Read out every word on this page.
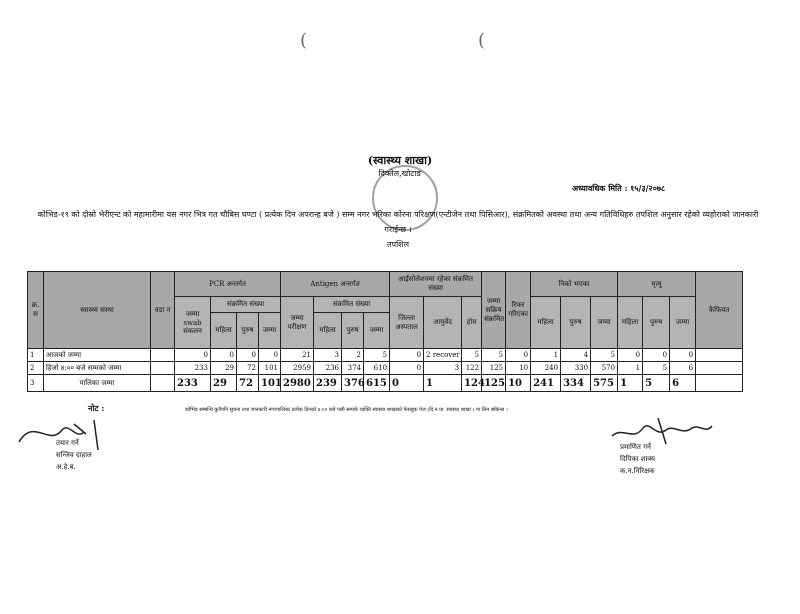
(	(
(स्वास्थ्य शाखा)
दिक्तेल,खोटाङ
अध्यावधिक मिति : १५/३/२०७८
कोभिड-१९ को दोस्रो भेरीएन्ट को महामारीमा यस नगर भित्र गत चौबिस घण्टा ( प्रत्येक दिन अपरान्ह बजे ) सम्म नगर भरिका कोरना परिक्षण(एन्टीजेन तथा पिसिआर), संक्रमितको अवस्था तथा अन्य गतिविधिहरु तपशिल अनुसार रहेको व्यहोराको जानकारी गराईन्छ ।
तपशिल
क्र. स	स्वास्थ्य संस्था	वडा न	PCR अन्तर्गत				Antigen अन्तर्गत				आईसोलेशनमा रहेका संक्रमित संख्या			जम्मा सक्रिय संक्रमित	रिफर गरिएका	निको भएका			मृत्यु			कैफियत
			जम्मा swab संकलन	संक्रमित संख्या			जम्मा परीक्षण	संक्रमित संख्या			जिल्ला अस्पताल	आयुर्वेद	होम			महिला	पुरुष	जम्मा	महिला	पुरुष	जम्मा	
				महिला	पुरुष	जम्मा		महिला	पुरुष	जम्मा												
1	आजको जम्मा		0	0	0	0	21	3	2	5	0	2 recover	5	5	0	1	4	5	0	0	0	
2	हिजो ४:०० बजे सम्मको जम्मा		233	29	72	101	2959	236	374	610	0	3	122	125	10	240	330	570	1	5	6	
3	पालिका जम्मा		233	29	72	101	2980	239	376	615	0	1	124	125	10	241	334	575	1	5	6	
नोट :	कोभिड सम्बन्धि कुनैपनि सुचना तथा जानकारी नगरपालिका प्रत्येक दिनको ४:०० बजे पछी सम्पर्क व्यक्ति स्वास्थ्य शाखाको फेसबुक पेज (दि.न.पा. स्वास्थ्य शाखा ) मा लिन सकिन्छ ।
तयार गर्ने
सन्जिव दाहाल
अ.हे.ब.
प्रमाणित गर्ने
दिपिका शाक्य
क.न.निरिक्षक
